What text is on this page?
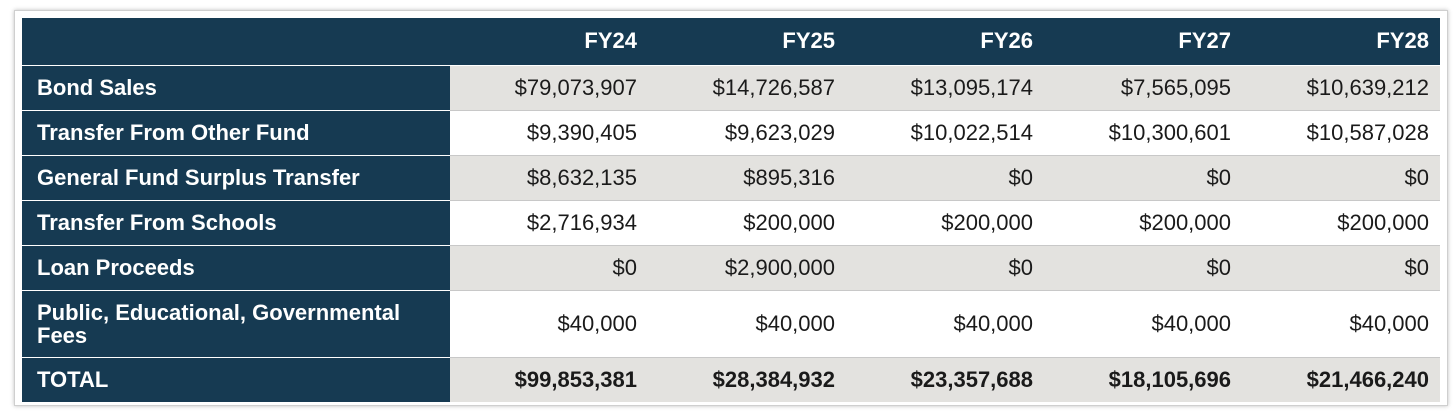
	FY24	FY25	FY26	FY27	FY28
Bond Sales	$79,073,907	$14,726,587	$13,095,174	$7,565,095	$10,639,212
Transfer From Other Fund	$9,390,405	$9,623,029	$10,022,514	$10,300,601	$10,587,028
General Fund Surplus Transfer	$8,632,135	$895,316	$0	$0	$0
Transfer From Schools	$2,716,934	$200,000	$200,000	$200,000	$200,000
Loan Proceeds	$0	$2,900,000	$0	$0	$0
Public, Educational, Governmental Fees	$40,000	$40,000	$40,000	$40,000	$40,000
TOTAL	$99,853,381	$28,384,932	$23,357,688	$18,105,696	$21,466,240
